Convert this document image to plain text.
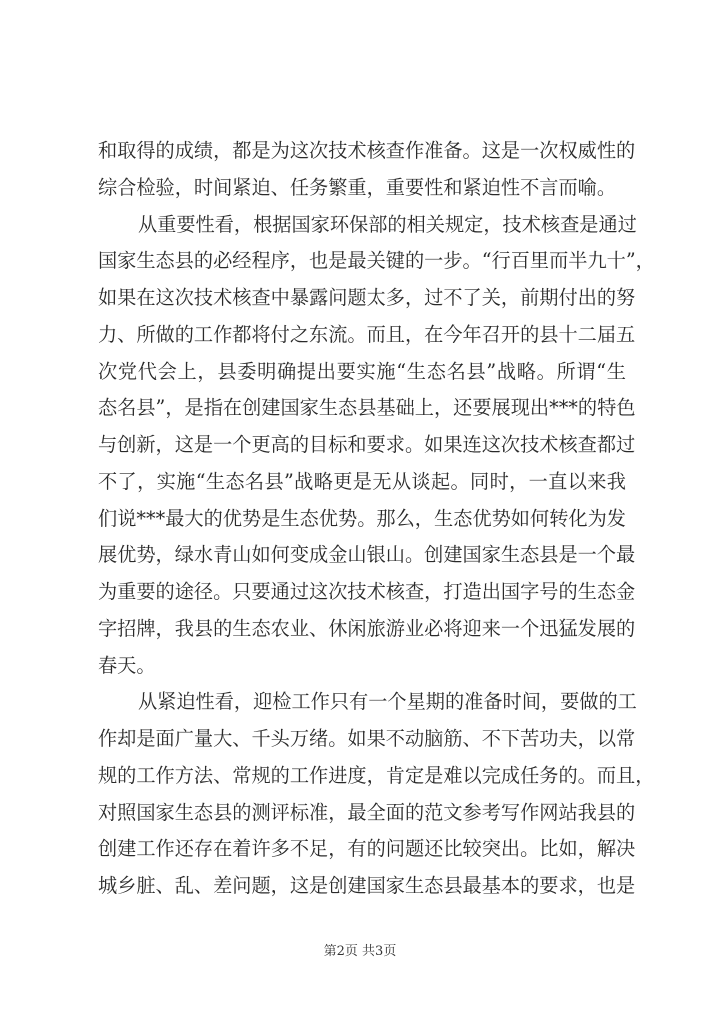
和取得的成绩，都是为这次技术核查作准备。这是一次权威性的
综合检验，时间紧迫、任务繁重，重要性和紧迫性不言而喻。
从重要性看，根据国家环保部的相关规定，技术核查是通过
国家生态县的必经程序，也是最关键的一步。“行百里而半九十”，
如果在这次技术核查中暴露问题太多，过不了关，前期付出的努
力、所做的工作都将付之东流。而且，在今年召开的县十二届五
次党代会上，县委明确提出要实施“生态名县”战略。所谓“生
态名县”，是指在创建国家生态县基础上，还要展现出***的特色
与创新，这是一个更高的目标和要求。如果连这次技术核查都过
不了，实施“生态名县”战略更是无从谈起。同时，一直以来我
们说***最大的优势是生态优势。那么，生态优势如何转化为发
展优势，绿水青山如何变成金山银山。创建国家生态县是一个最
为重要的途径。只要通过这次技术核查，打造出国字号的生态金
字招牌，我县的生态农业、休闲旅游业必将迎来一个迅猛发展的
春天。
从紧迫性看，迎检工作只有一个星期的准备时间，要做的工
作却是面广量大、千头万绪。如果不动脑筋、不下苦功夫，以常
规的工作方法、常规的工作进度，肯定是难以完成任务的。而且，
对照国家生态县的测评标准，最全面的范文参考写作网站我县的
创建工作还存在着许多不足，有的问题还比较突出。比如，解决
城乡脏、乱、差问题，这是创建国家生态县最基本的要求，也是
第2页 共3页
